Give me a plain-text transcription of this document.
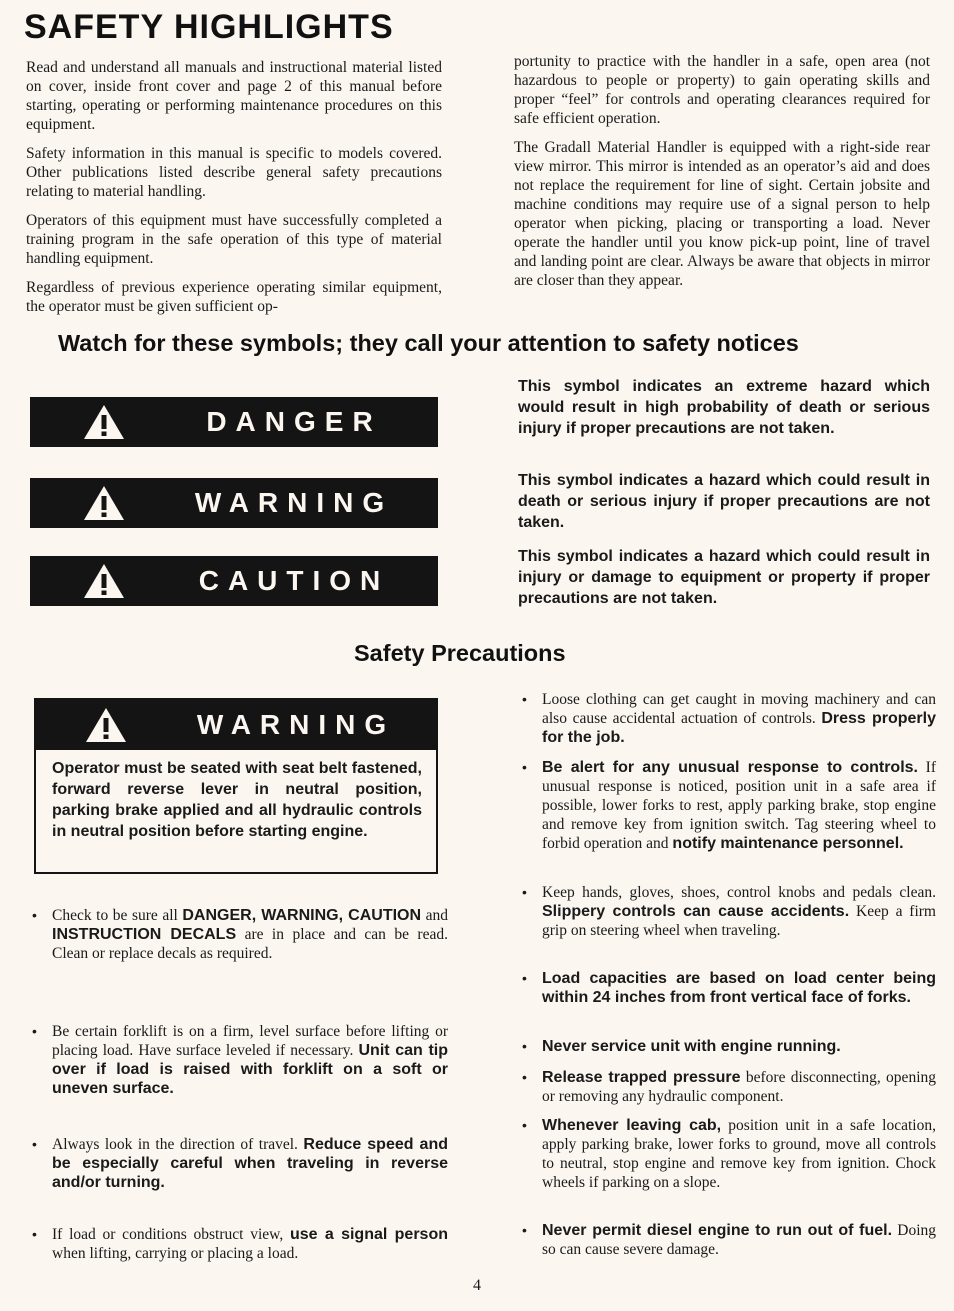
SAFETY HIGHLIGHTS

Read and understand all manuals and instructional material listed on cover, inside front cover and page 2 of this manual before starting, operating or performing maintenance procedures on this equipment.

Safety information in this manual is specific to models covered. Other publications listed describe general safety precautions relating to material handling.

Operators of this equipment must have successfully completed a training program in the safe operation of this type of material handling equipment.

Regardless of previous experience operating similar equipment, the operator must be given sufficient op-

portunity to practice with the handler in a safe, open area (not hazardous to people or property) to gain operating skills and proper “feel” for controls and operating clearances required for safe efficient operation.

The Gradall Material Handler is equipped with a right-side rear view mirror. This mirror is intended as an operator’s aid and does not replace the requirement for line of sight. Certain jobsite and machine conditions may require use of a signal person to help operator when picking, placing or transporting a load. Never operate the handler until you know pick-up point, line of travel and landing point are clear. Always be aware that objects in mirror are closer than they appear.

Watch for these symbols; they call your attention to safety notices
DANGER
This symbol indicates an extreme hazard which would result in high probability of death or serious injury if proper precautions are not taken.
WARNING
This symbol indicates a hazard which could result in death or serious injury if proper precautions are not taken.
CAUTION
This symbol indicates a hazard which could result in injury or damage to equipment or property if proper precautions are not taken.
Safety Precautions
WARNING
Operator must be seated with seat belt fastened, forward reverse lever in neutral position, parking brake applied and all hydraulic controls in neutral position before starting engine.
• Check to be sure all DANGER, WARNING, CAUTION and INSTRUCTION DECALS are in place and can be read. Clean or replace decals as required.
• Be certain forklift is on a firm, level surface before lifting or placing load. Have surface leveled if necessary. Unit can tip over if load is raised with forklift on a soft or uneven surface.
• Always look in the direction of travel. Reduce speed and be especially careful when traveling in reverse and/or turning.
• If load or conditions obstruct view, use a signal person when lifting, carrying or placing a load.
• Loose clothing can get caught in moving machinery and can also cause accidental actuation of controls. Dress properly for the job.
• Be alert for any unusual response to controls. If unusual response is noticed, position unit in a safe area if possible, lower forks to rest, apply parking brake, stop engine and remove key from ignition switch. Tag steering wheel to forbid operation and notify maintenance personnel.
• Keep hands, gloves, shoes, control knobs and pedals clean. Slippery controls can cause accidents. Keep a firm grip on steering wheel when traveling.
• Load capacities are based on load center being within 24 inches from front vertical face of forks.
• Never service unit with engine running.
• Release trapped pressure before disconnecting, opening or removing any hydraulic component.
• Whenever leaving cab, position unit in a safe location, apply parking brake, lower forks to ground, move all controls to neutral, stop engine and remove key from ignition. Chock wheels if parking on a slope.
• Never permit diesel engine to run out of fuel. Doing so can cause severe damage.
4
